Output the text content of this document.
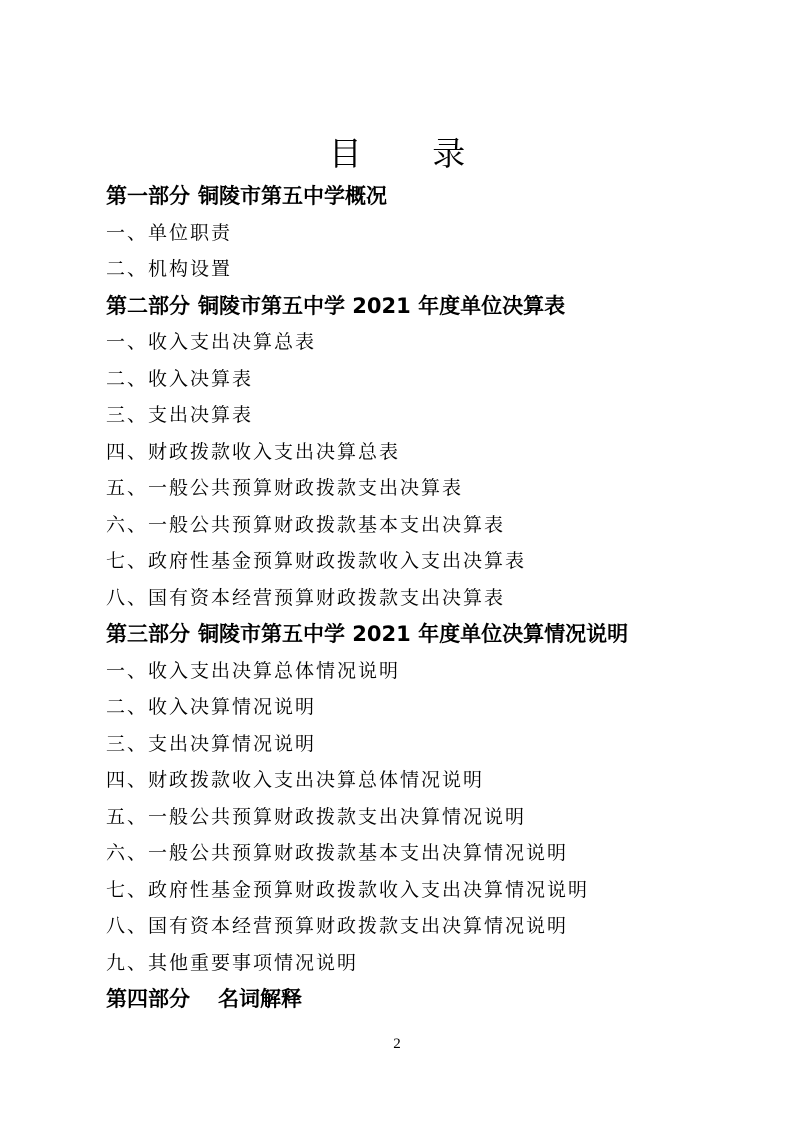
目 录
第一部分 铜陵市第五中学概况
一、单位职责
二、机构设置
第二部分 铜陵市第五中学 2021 年度单位决算表
一、收入支出决算总表
二、收入决算表
三、支出决算表
四、财政拨款收入支出决算总表
五、一般公共预算财政拨款支出决算表
六、一般公共预算财政拨款基本支出决算表
七、政府性基金预算财政拨款收入支出决算表
八、国有资本经营预算财政拨款支出决算表
第三部分 铜陵市第五中学 2021 年度单位决算情况说明
一、收入支出决算总体情况说明
二、收入决算情况说明
三、支出决算情况说明
四、财政拨款收入支出决算总体情况说明
五、一般公共预算财政拨款支出决算情况说明
六、一般公共预算财政拨款基本支出决算情况说明
七、政府性基金预算财政拨款收入支出决算情况说明
八、国有资本经营预算财政拨款支出决算情况说明
九、其他重要事项情况说明
第四部分 名词解释
2
